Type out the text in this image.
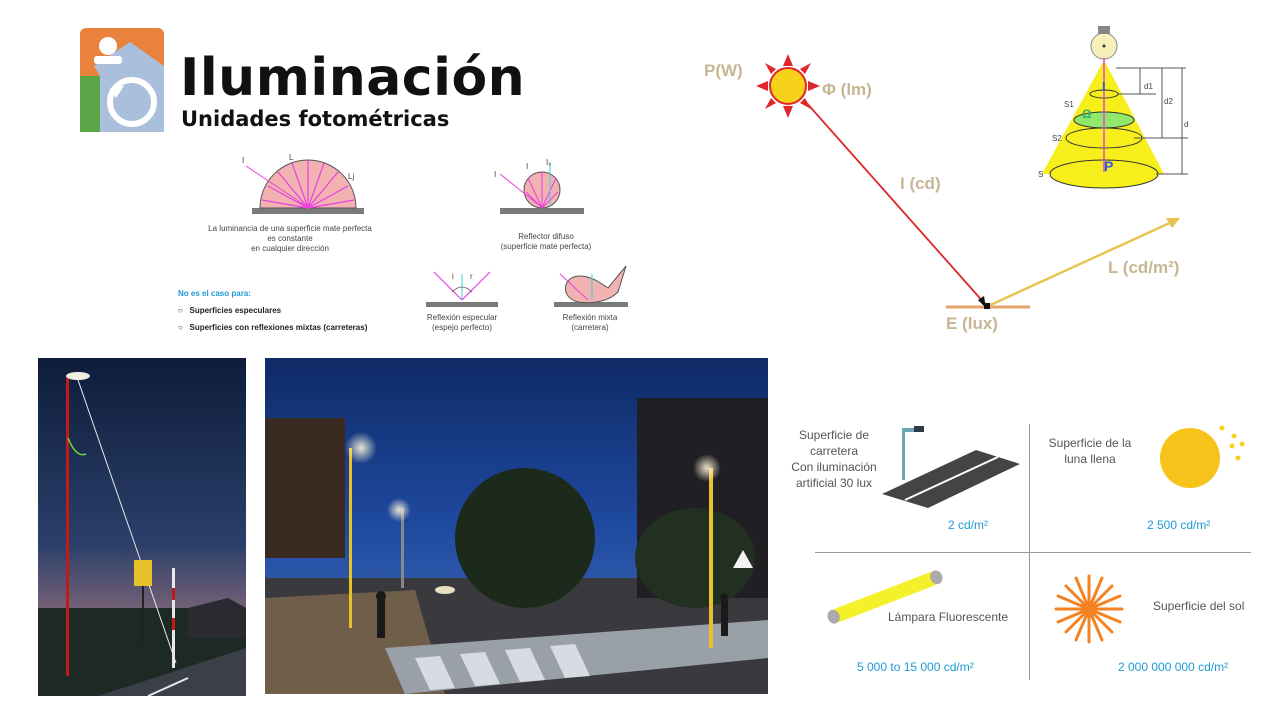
Iluminación
Unidades fotométricas
I	L
Lj
La luminancia de una superficie mate perfecta
es constante
en cualquier dirección
I
I I₀
Reflector difuso
(superficie mate perfecta)
No es el caso para:
○   Superficies especulares
○   Superficies con reflexiones mixtas (carreteras)
i r
Reflexión especular
(espejo perfecto)
Reflexión mixta
(carretera)
P(W)
Φ (lm)
I (cd)
L (cd/m²)
E (lux)
I
Ω
P
S1
S2
S
d1
d2
d
Superficie de
carretera
Con iluminación
artificial 30 lux
2 cd/m²
Superficie de la
luna llena
2 500 cd/m²
Lámpara Fluorescente
5 000 to 15 000 cd/m²
Superficie del sol
2 000 000 000 cd/m²
